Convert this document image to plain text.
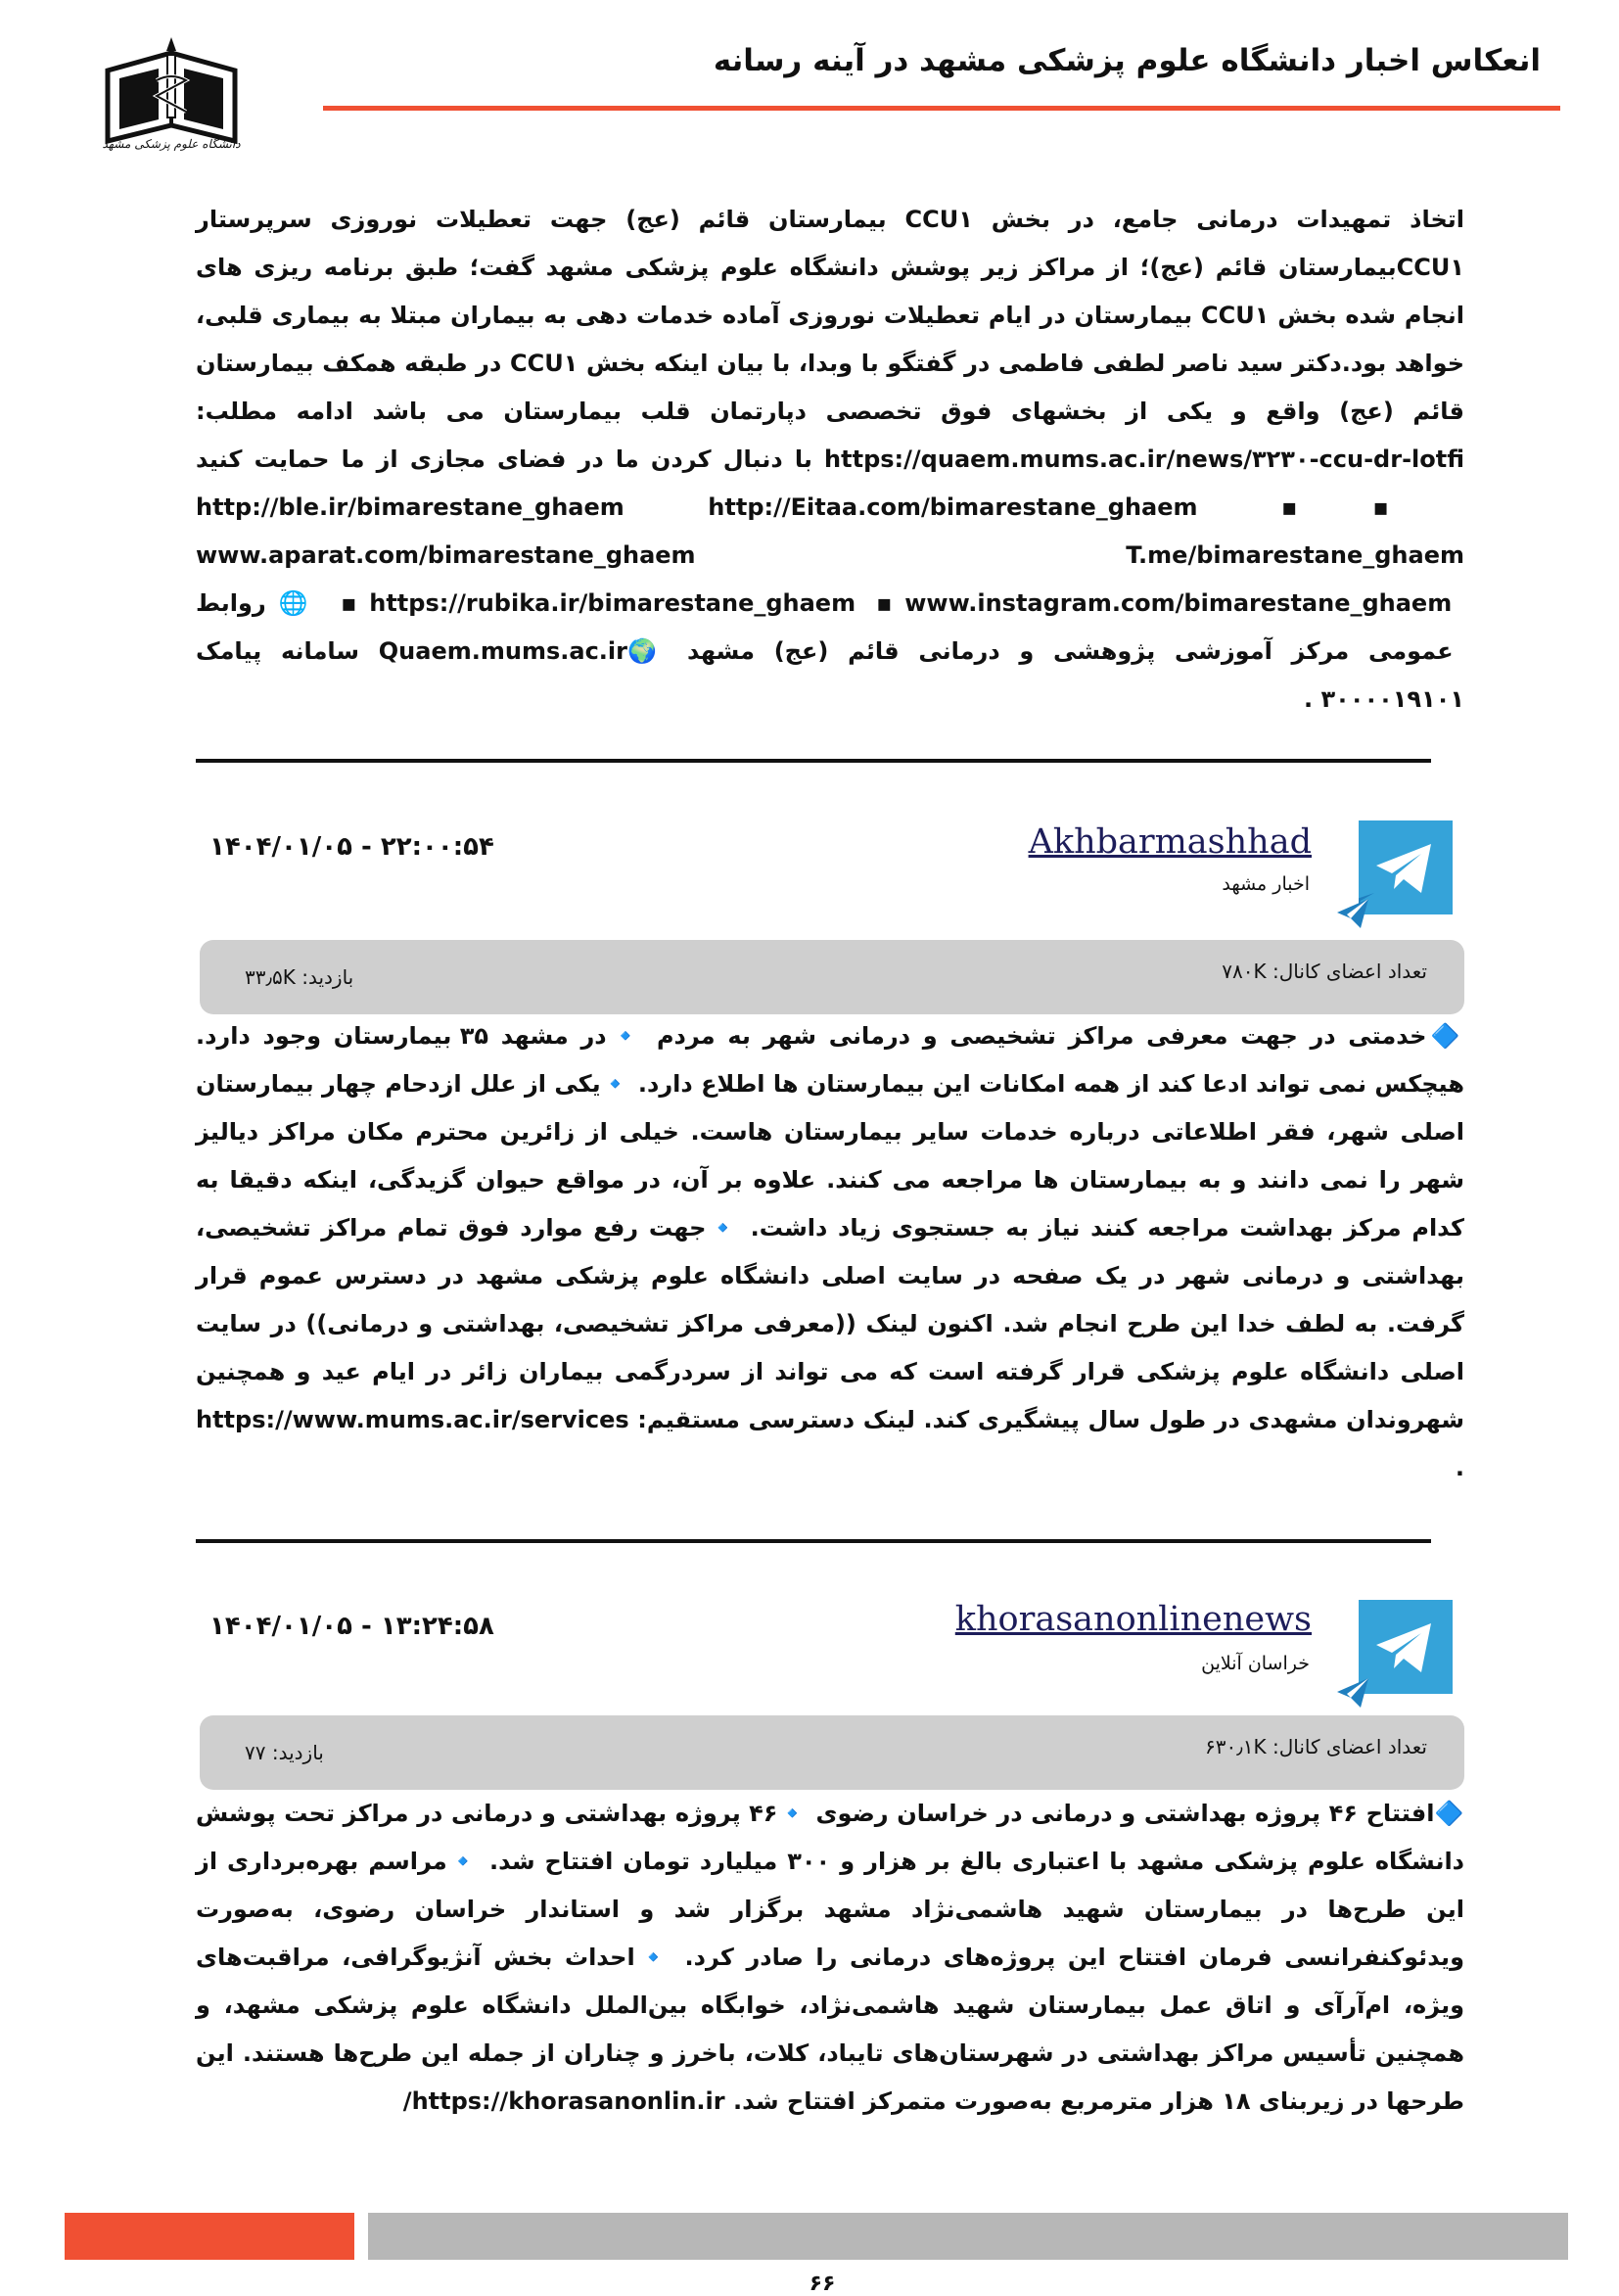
انعکاس اخبار دانشگاه علوم پزشکی مشهد در آینه رسانه
دانشگاه علوم پزشکی مشهد
اتخاذ تمهیدات درمانی جامع، در بخش CCU۱ بیمارستان قائم (عج) جهت تعطیلات نوروزی سرپرستار CCU۱بیمارستان قائم (عج)؛ از مراکز زیر پوشش دانشگاه علوم پزشکی مشهد گفت؛ طبق برنامه ریزی های انجام شده بخش CCU۱ بیمارستان در ایام تعطیلات نوروزی آماده خدمات دهی به بیماران مبتلا به بیماری قلبی، خواهد بود.دکتر سید ناصر لطفی فاطمی در گفتگو با وبدا، با بیان اینکه بخش CCU۱ در طبقه همکف بیمارستان قائم (عج) واقع و یکی از بخشهای فوق تخصصی دپارتمان قلب بیمارستان می باشد ادامه مطلب: https://quaem.mums.ac.ir/news/۳۲۳۰-ccu-dr-lotfi با دنبال کردن ما در فضای مجازی از ما حمایت کنید ▪http://ble.ir/bimarestane_ghaem http://Eitaa.com/bimarestane_ghaem ▪ www.aparat.com/bimarestane_ghaem T.me/bimarestane_ghaem ▪https://rubika.ir/bimarestane_ghaem ▪www.instagram.com/bimarestane_ghaem 🌐روابط عمومی مرکز آموزشی پژوهشی و درمانی قائم (عج) مشهد 🌍Quaem.mums.ac.ir سامانه پیامک ۳۰۰۰۰۱۹۱۰۱ .
Akhbarmashhad
اخبار مشهد
۱۴۰۴/۰۱/۰۵ - ۲۲:۰۰:۵۴
تعداد اعضای کانال: ۷۸۰K
بازدید: ۳۳٫۵K
🔷خدمتی در جهت معرفی مراکز تشخیصی و درمانی شهر به مردم 🔹در مشهد ۳۵ بیمارستان وجود دارد. هیچکس نمی تواند ادعا کند از همه امکانات این بیمارستان ها اطلاع دارد. 🔹یکی از علل ازدحام چهار بیمارستان اصلی شهر، فقر اطلاعاتی درباره خدمات سایر بیمارستان هاست. خیلی از زائرین محترم مکان مراکز دیالیز شهر را نمی دانند و به بیمارستان ها مراجعه می کنند. علاوه بر آن، در مواقع حیوان گزیدگی، اینکه دقیقا به کدام مرکز بهداشت مراجعه کنند نیاز به جستجوی زیاد داشت. 🔹جهت رفع موارد فوق تمام مراکز تشخیصی، بهداشتی و درمانی شهر در یک صفحه در سایت اصلی دانشگاه علوم پزشکی مشهد در دسترس عموم قرار گرفت. به لطف خدا این طرح انجام شد. اکنون لینک ((معرفی مراکز تشخیصی، بهداشتی و درمانی)) در سایت اصلی دانشگاه علوم پزشکی قرار گرفته است که می تواند از سردرگمی بیماران زائر در ایام عید و همچنین شهروندان مشهدی در طول سال پیشگیری کند. لینک دسترسی مستقیم: https://www.mums.ac.ir/services .
khorasanonlinenews
خراسان آنلاین
۱۴۰۴/۰۱/۰۵ - ۱۳:۲۴:۵۸
تعداد اعضای کانال: ۶۳۰٫۱K
بازدید: ۷۷
🔷افتتاح ۴۶ پروژه بهداشتی و درمانی در خراسان رضوی 🔹۴۶ پروژه بهداشتی و درمانی در مراکز تحت پوشش دانشگاه علوم پزشکی مشهد با اعتباری بالغ بر هزار و ۳۰۰ میلیارد تومان افتتاح شد. 🔹مراسم بهره‌برداری از این طرح‌ها در بیمارستان شهید هاشمی‌نژاد مشهد برگزار شد و استاندار خراسان رضوی، به‌صورت ویدئوکنفرانسی فرمان افتتاح این پروژه‌های درمانی را صادر کرد. 🔹احداث بخش آنژیوگرافی، مراقبت‌های ویژه، ام‌آر‌آی و اتاق عمل بیمارستان شهید هاشمی‌نژاد، خوابگاه بین‌الملل دانشگاه علوم پزشکی مشهد، و همچنین تأسیس مراکز بهداشتی در شهرستان‌های تایباد، کلات، باخرز و چناران از جمله این طرح‌ها هستند. این طرحها در زیربنای ۱۸ هزار مترمربع به‌صورت متمرکز افتتاح شد. https://khorasanonlin.ir/
۶۶
